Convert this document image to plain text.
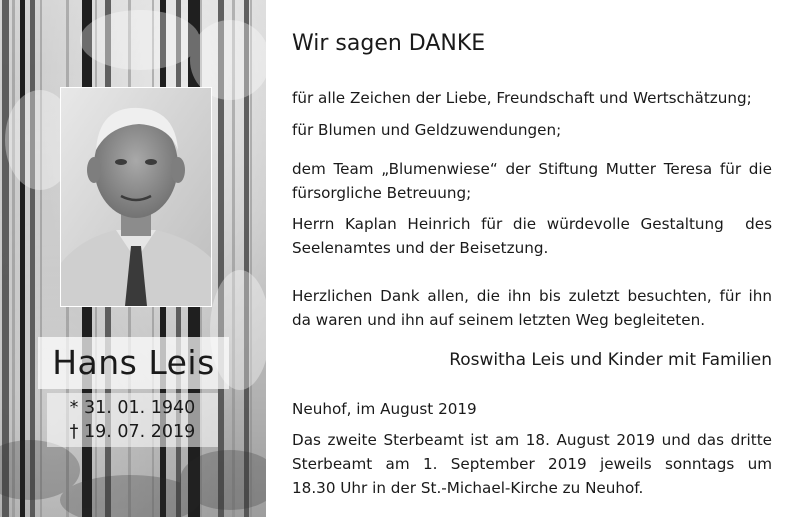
Hans Leis
* 31. 01. 1940
† 19. 07. 2019
Wir sagen DANKE
für alle Zeichen der Liebe, Freundschaft und Wertschätzung;
für Blumen und Geldzuwendungen;
dem Team „Blumenwiese“ der Stiftung Mutter Teresa für die
fürsorgliche Betreuung;
Herrn Kaplan Heinrich für die würdevolle Gestaltung  des
Seelenamtes und der Beisetzung.
Herzlichen Dank allen, die ihn bis zuletzt besuchten, für ihn
da waren und ihn auf seinem letzten Weg begleiteten.
Roswitha Leis und Kinder mit Familien
Neuhof, im August 2019
Das zweite Sterbeamt ist am 18. August 2019 und das dritte
Sterbeamt am 1. September 2019 jeweils sonntags um
18.30 Uhr in der St.-Michael-Kirche zu Neuhof.
